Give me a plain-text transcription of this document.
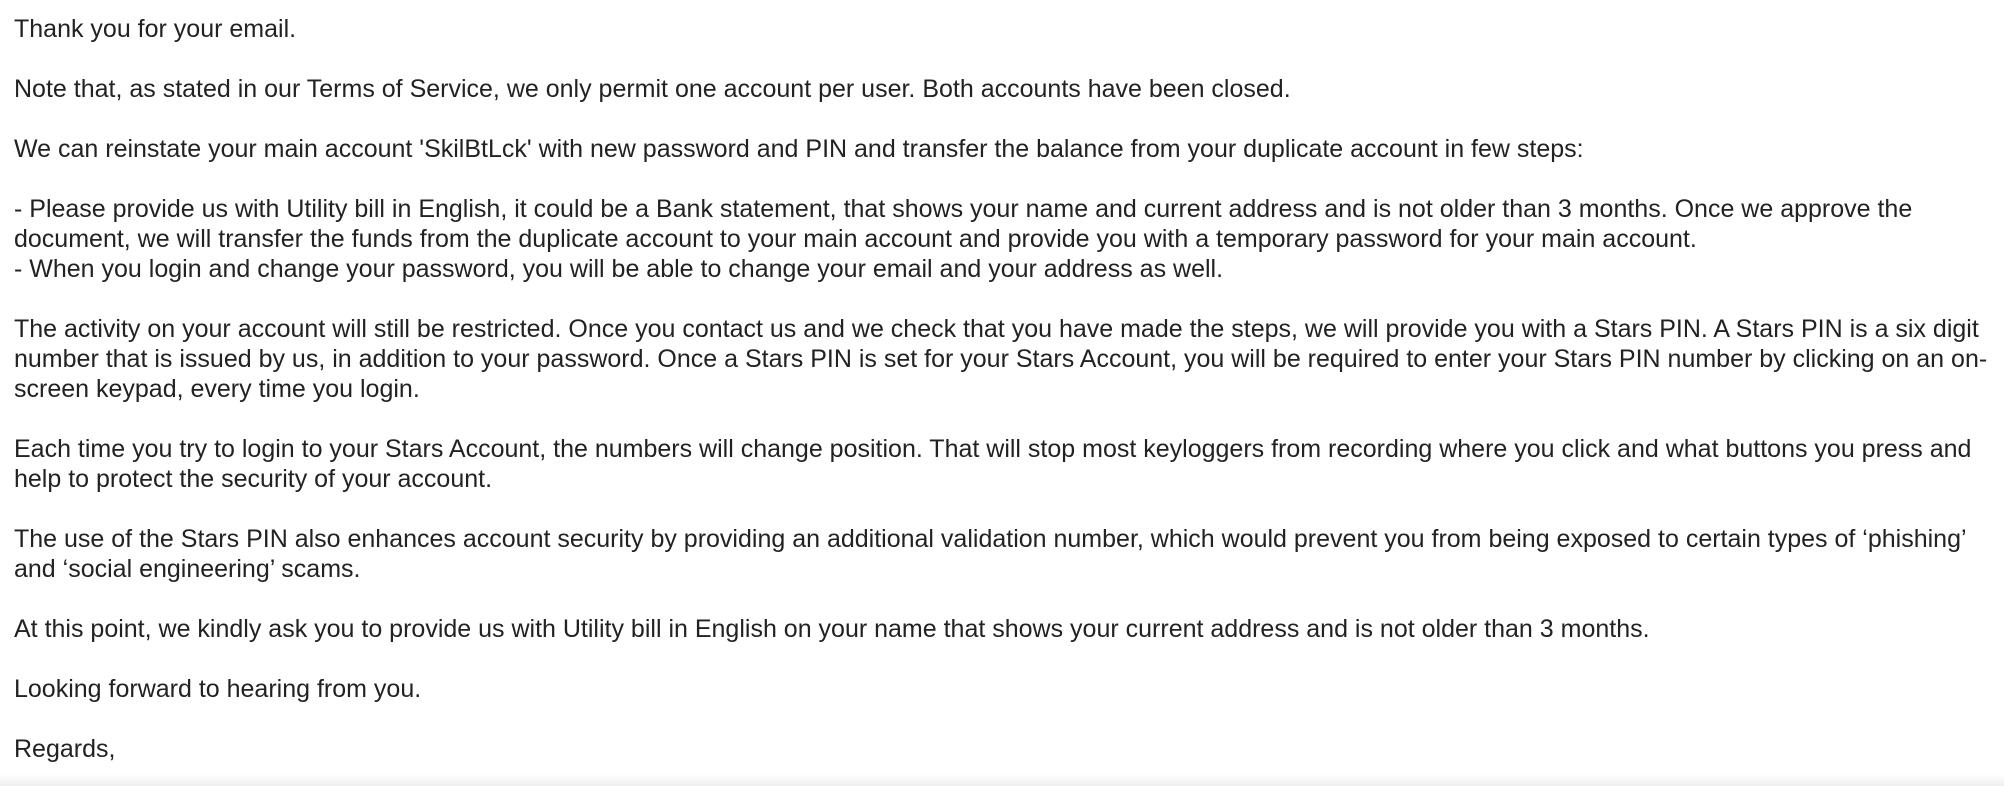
Thank you for your email.

Note that, as stated in our Terms of Service, we only permit one account per user. Both accounts have been closed.

We can reinstate your main account 'SkilBtLck' with new password and PIN and transfer the balance from your duplicate account in few steps:

- Please provide us with Utility bill in English, it could be a Bank statement, that shows your name and current address and is not older than 3 months. Once we approve the document, we will transfer the funds from the duplicate account to your main account and provide you with a temporary password for your main account.

- When you login and change your password, you will be able to change your email and your address as well.

The activity on your account will still be restricted. Once you contact us and we check that you have made the steps, we will provide you with a Stars PIN. A Stars PIN is a six digit number that is issued by us, in addition to your password. Once a Stars PIN is set for your Stars Account, you will be required to enter your Stars PIN number by clicking on an on-screen keypad, every time you login.

Each time you try to login to your Stars Account, the numbers will change position. That will stop most keyloggers from recording where you click and what buttons you press and help to protect the security of your account.

The use of the Stars PIN also enhances account security by providing an additional validation number, which would prevent you from being exposed to certain types of ‘phishing’ and ‘social engineering’ scams.

At this point, we kindly ask you to provide us with Utility bill in English on your name that shows your current address and is not older than 3 months.

Looking forward to hearing from you.

Regards,
